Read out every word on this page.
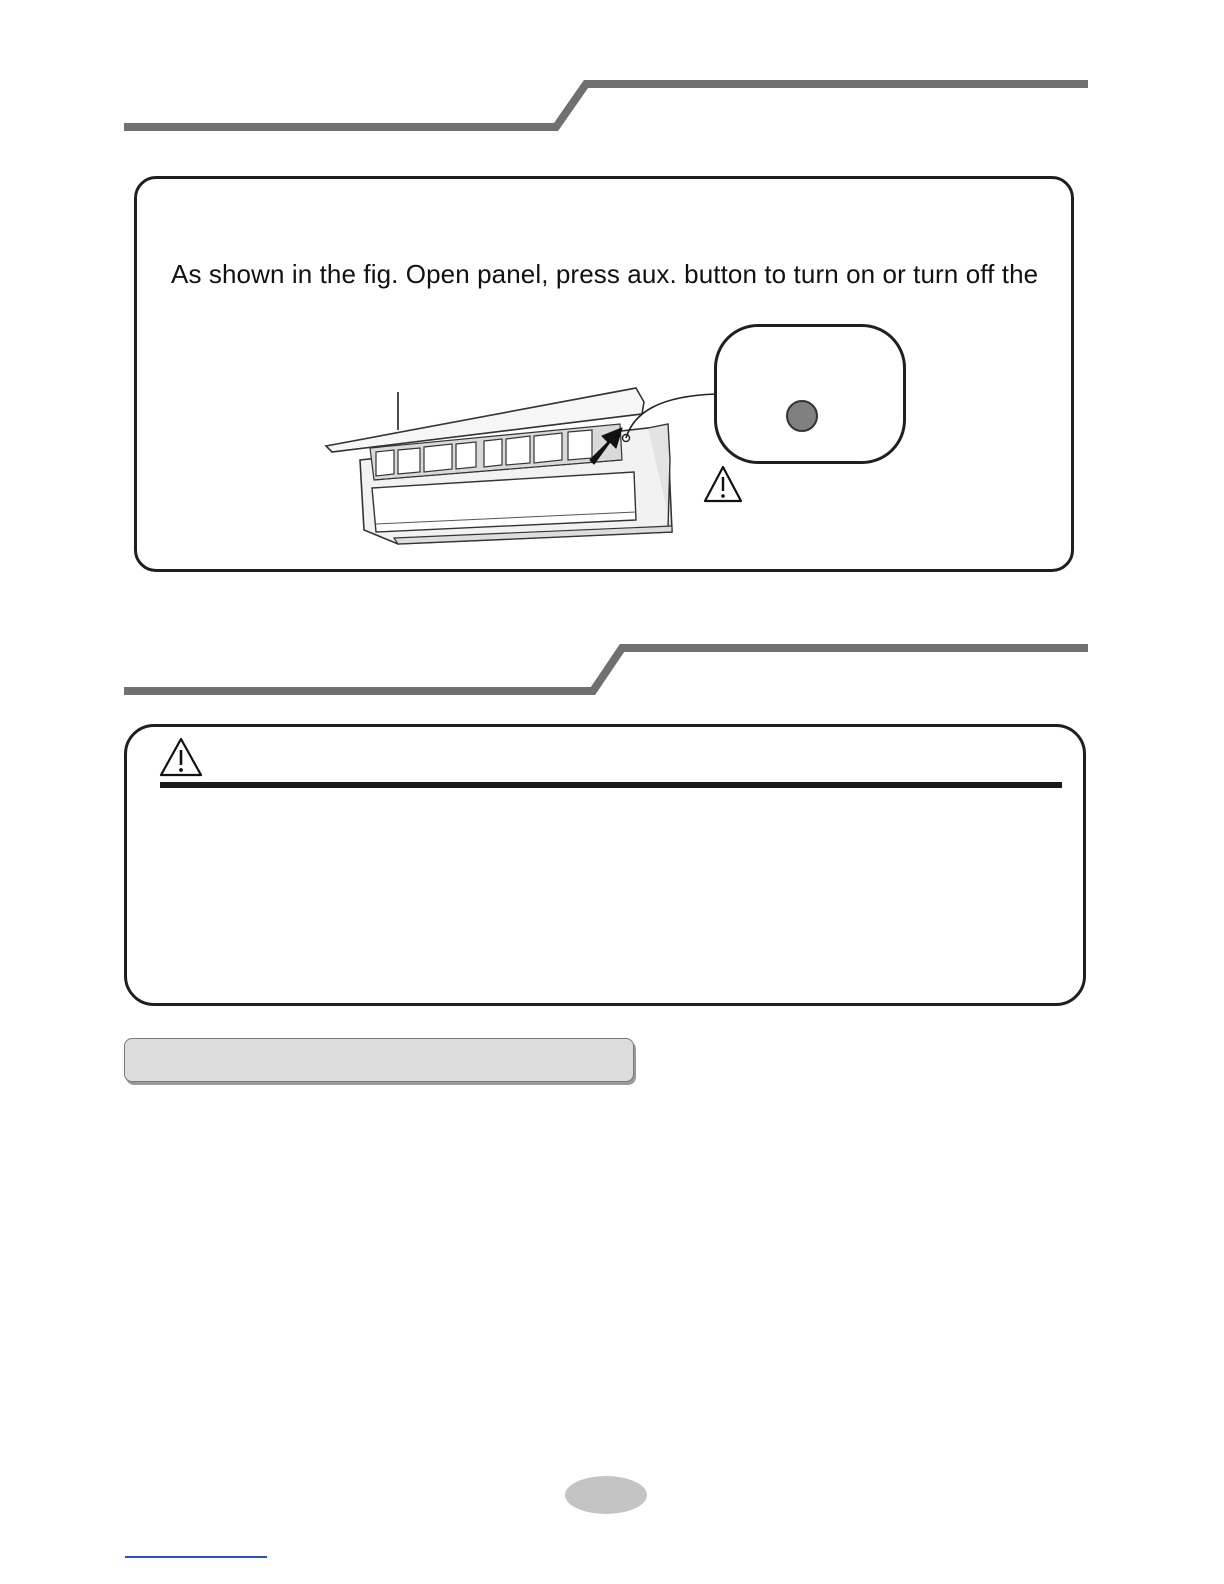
As shown in the fig. Open panel, press aux. button to turn on or turn off the
